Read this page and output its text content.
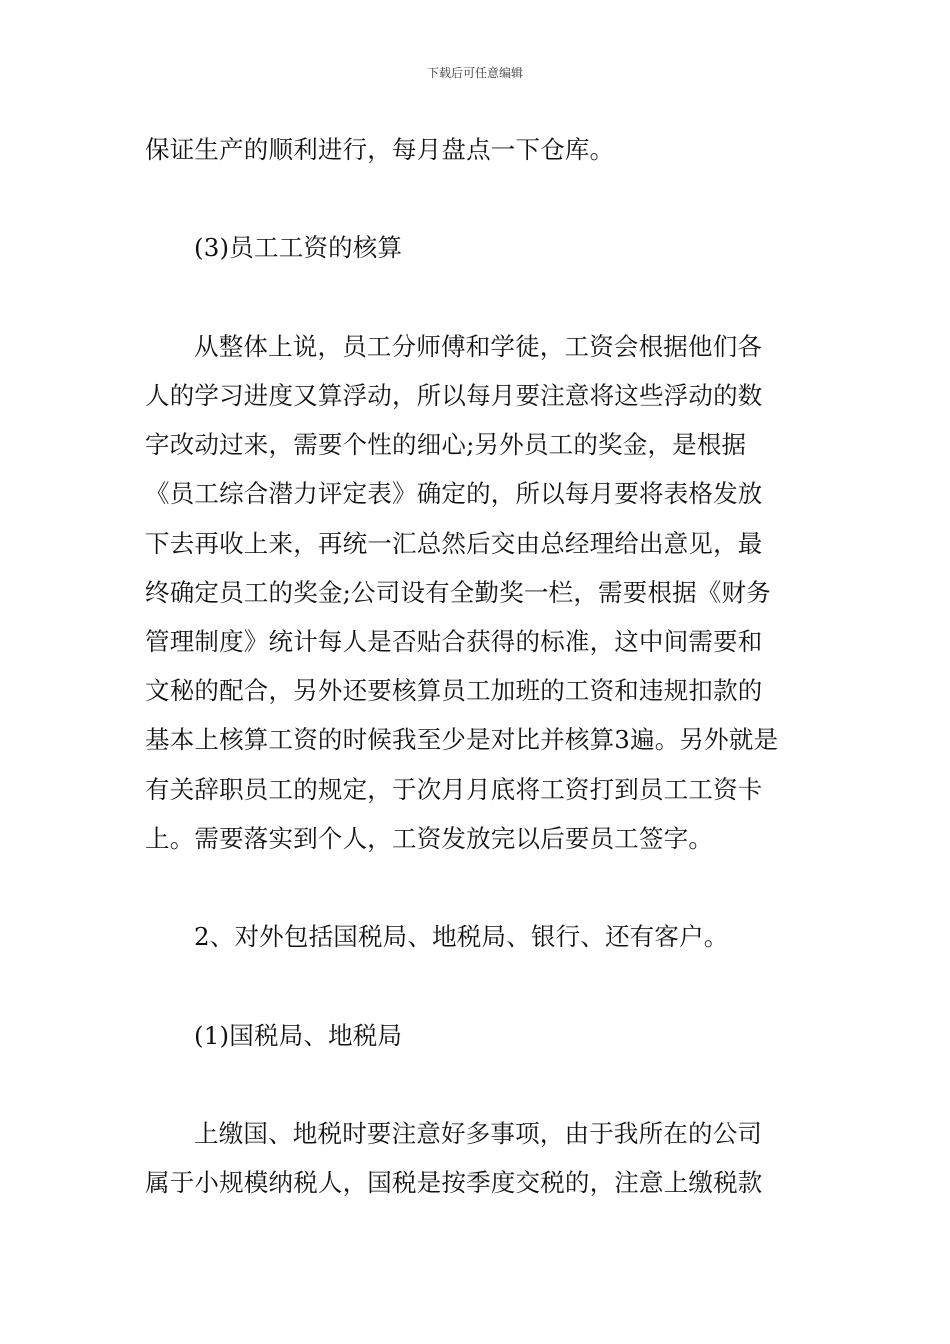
下载后可任意编辑

保证生产的顺利进行，每月盘点一下仓库。

(3)员工工资的核算

从整体上说，员工分师傅和学徒，工资会根据他们各

人的学习进度又算浮动，所以每月要注意将这些浮动的数

字改动过来，需要个性的细心;另外员工的奖金，是根据

《员工综合潜力评定表》确定的，所以每月要将表格发放

下去再收上来，再统一汇总然后交由总经理给出意见，最

终确定员工的奖金;公司设有全勤奖一栏，需要根据《财务

管理制度》统计每人是否贴合获得的标准，这中间需要和

文秘的配合，另外还要核算员工加班的工资和违规扣款的

基本上核算工资的时候我至少是对比并核算3遍。另外就是

有关辞职员工的规定，于次月月底将工资打到员工工资卡

上。需要落实到个人，工资发放完以后要员工签字。

2、对外包括国税局、地税局、银行、还有客户。

(1)国税局、地税局

上缴国、地税时要注意好多事项，由于我所在的公司

属于小规模纳税人，国税是按季度交税的，注意上缴税款
